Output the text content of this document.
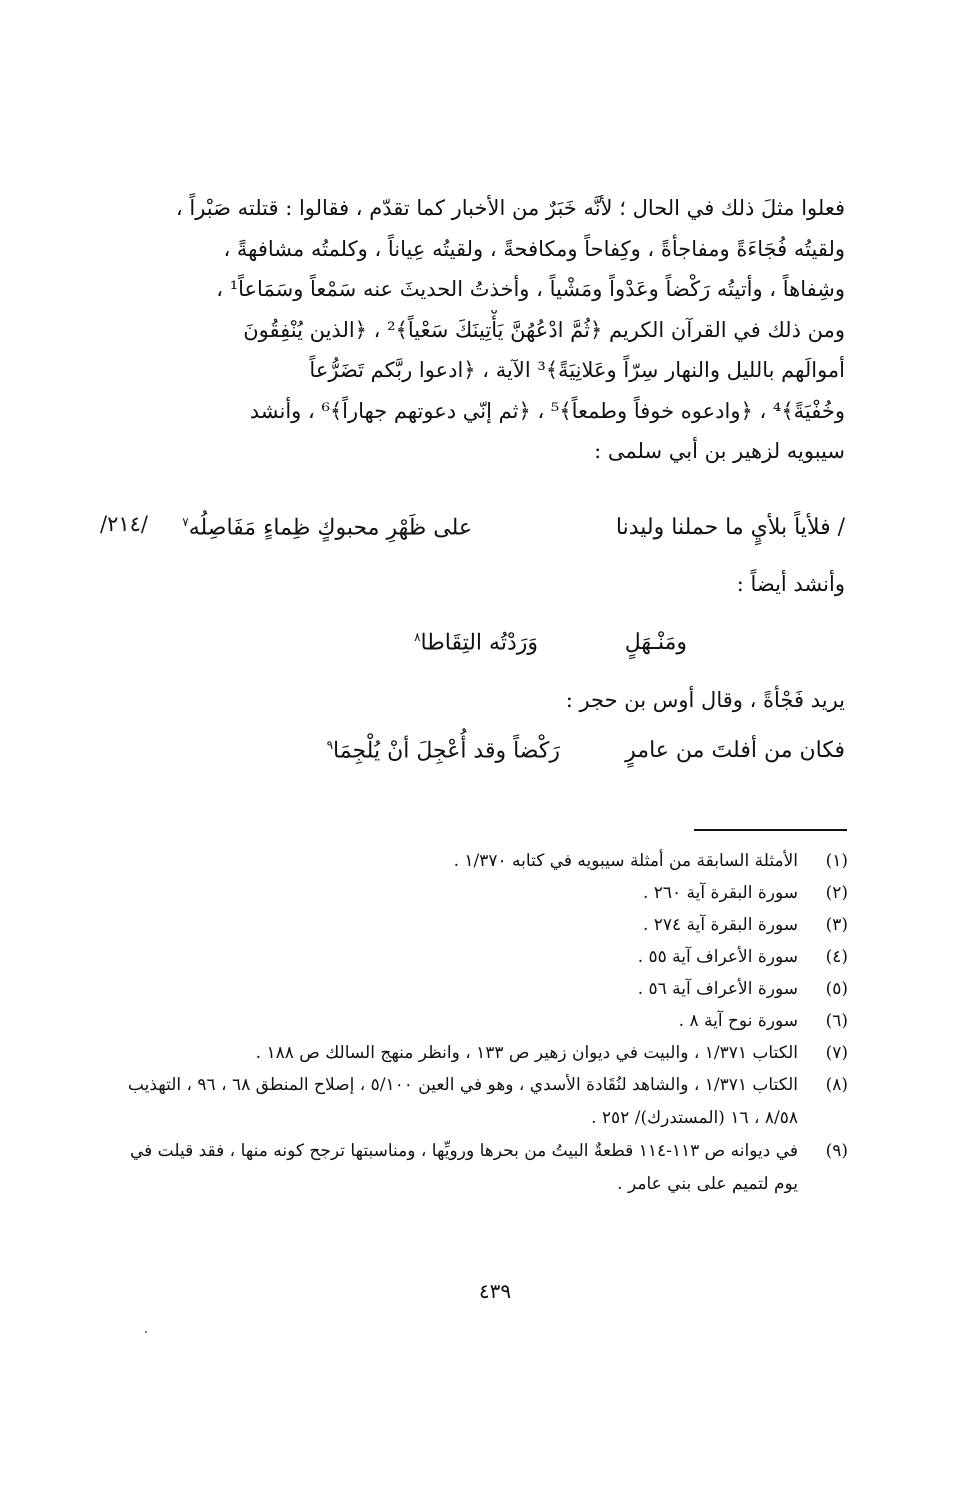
فعلوا مثلَ ذلك في الحال ؛ لأنَّه خَبَرٌ من الأخبار كما تقدّم ، فقالوا : قتلته صَبْراً ،
ولقيتُه فُجَاءَةً ومفاجأةً ، وكِفاحاً ومكافحةً ، ولقيتُه عِياناً ، وكلمتُه مشافهةً ،
وشِفاهاً ، وأتيتُه رَكْضاً وعَدْواً ومَشْياً ، وأخذتُ الحديثَ عنه سَمْعاً وسَمَاعاً¹ ،
ومن ذلك في القرآن الكريم ﴿ثُمَّ ادْعُهُنَّ يَأْتِينَكَ سَعْياً﴾² ، ﴿الذين يُنْفِقُونَ
أموالَهم بالليل والنهار سِرّاً وعَلانِيَةً﴾³ الآية ، ﴿ادعوا ربَّكم تَضَرُّعاً
وخُفْيَةً﴾⁴ ، ﴿وادعوه خوفاً وطمعاً﴾⁵ ، ﴿ثم إنّي دعوتهم جهاراً﴾⁶ ، وأنشد
سيبويه لزهير بن أبي سلمى :
/٢١٤/	/ فلأياً بلأيٍ ما حملنا وليدنا
على ظَهْرِ محبوكٍ ظِماءٍ مَفَاصِلُه$^٧$
وأنشد أيضاً :
ومَنْـهَلٍ
وَرَدْتُه التِقَاطا$^٨$
يريد فَجْأةً ، وقال أوس بن حجر :
فكان من أفلتَ من عامرٍ
رَكْضاً وقد أُعْجِلَ أنْ يُلْجِمَا$^٩$
(١)
الأمثلة السابقة من أمثلة سيبويه في كتابه ١/٣٧٠ .
(٢)
سورة البقرة آية ٢٦٠ .
(٣)
سورة البقرة آية ٢٧٤ .
(٤)
سورة الأعراف آية ٥٥ .
(٥)
سورة الأعراف آية ٥٦ .
(٦)
سورة نوح آية ٨ .
(٧)
الكتاب ١/٣٧١ ، والبيت في ديوان زهير ص ١٣٣ ، وانظر منهج السالك ص ١٨٨ .
(٨)
الكتاب ١/٣٧١ ، والشاهد لنُقَادة الأسدي ، وهو في العين ٥/١٠٠ ، إصلاح المنطق ٦٨ ، ٩٦ ، التهذيب ٨/٥٨ ، ١٦ (المستدرك)/ ٢٥٢ .
(٩)
في ديوانه ص ١١٣-١١٤ قطعةٌ البيتُ من بحرها ورويِّها ، ومناسبتها ترجح كونه منها ، فقد قيلت في يوم لتميم على بني عامر .
٤٣٩
